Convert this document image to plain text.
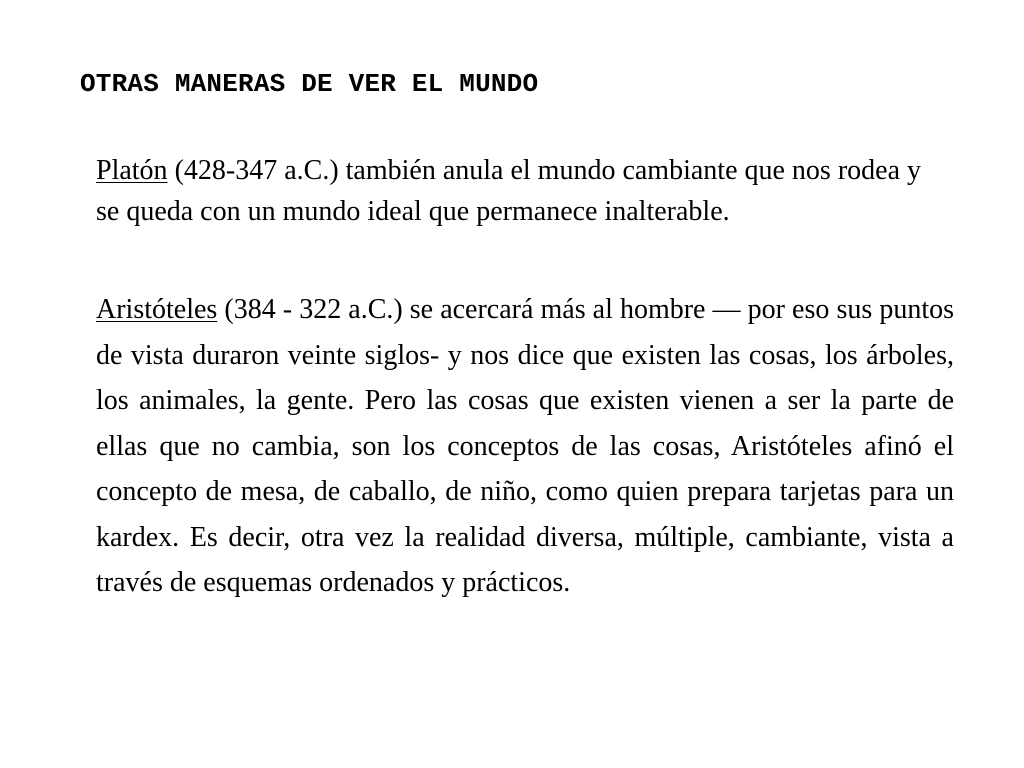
OTRAS MANERAS DE VER EL MUNDO

Platón (428-347 a.C.) también anula el mundo cambiante que nos rodea y se queda con un mundo ideal que permanece inalterable.

Aristóteles (384 - 322 a.C.) se acercará más al hombre — por eso sus puntos de vista duraron veinte siglos- y nos dice que existen las cosas, los árboles, los animales, la gente. Pero las cosas que existen vienen a ser la parte de ellas que no cambia, son los conceptos de las cosas, Aristóteles afinó el concepto de mesa, de caballo, de niño, como quien prepara tarjetas para un kardex. Es decir, otra vez la realidad diversa, múltiple, cambiante, vista a través de esquemas ordenados y prácticos.
